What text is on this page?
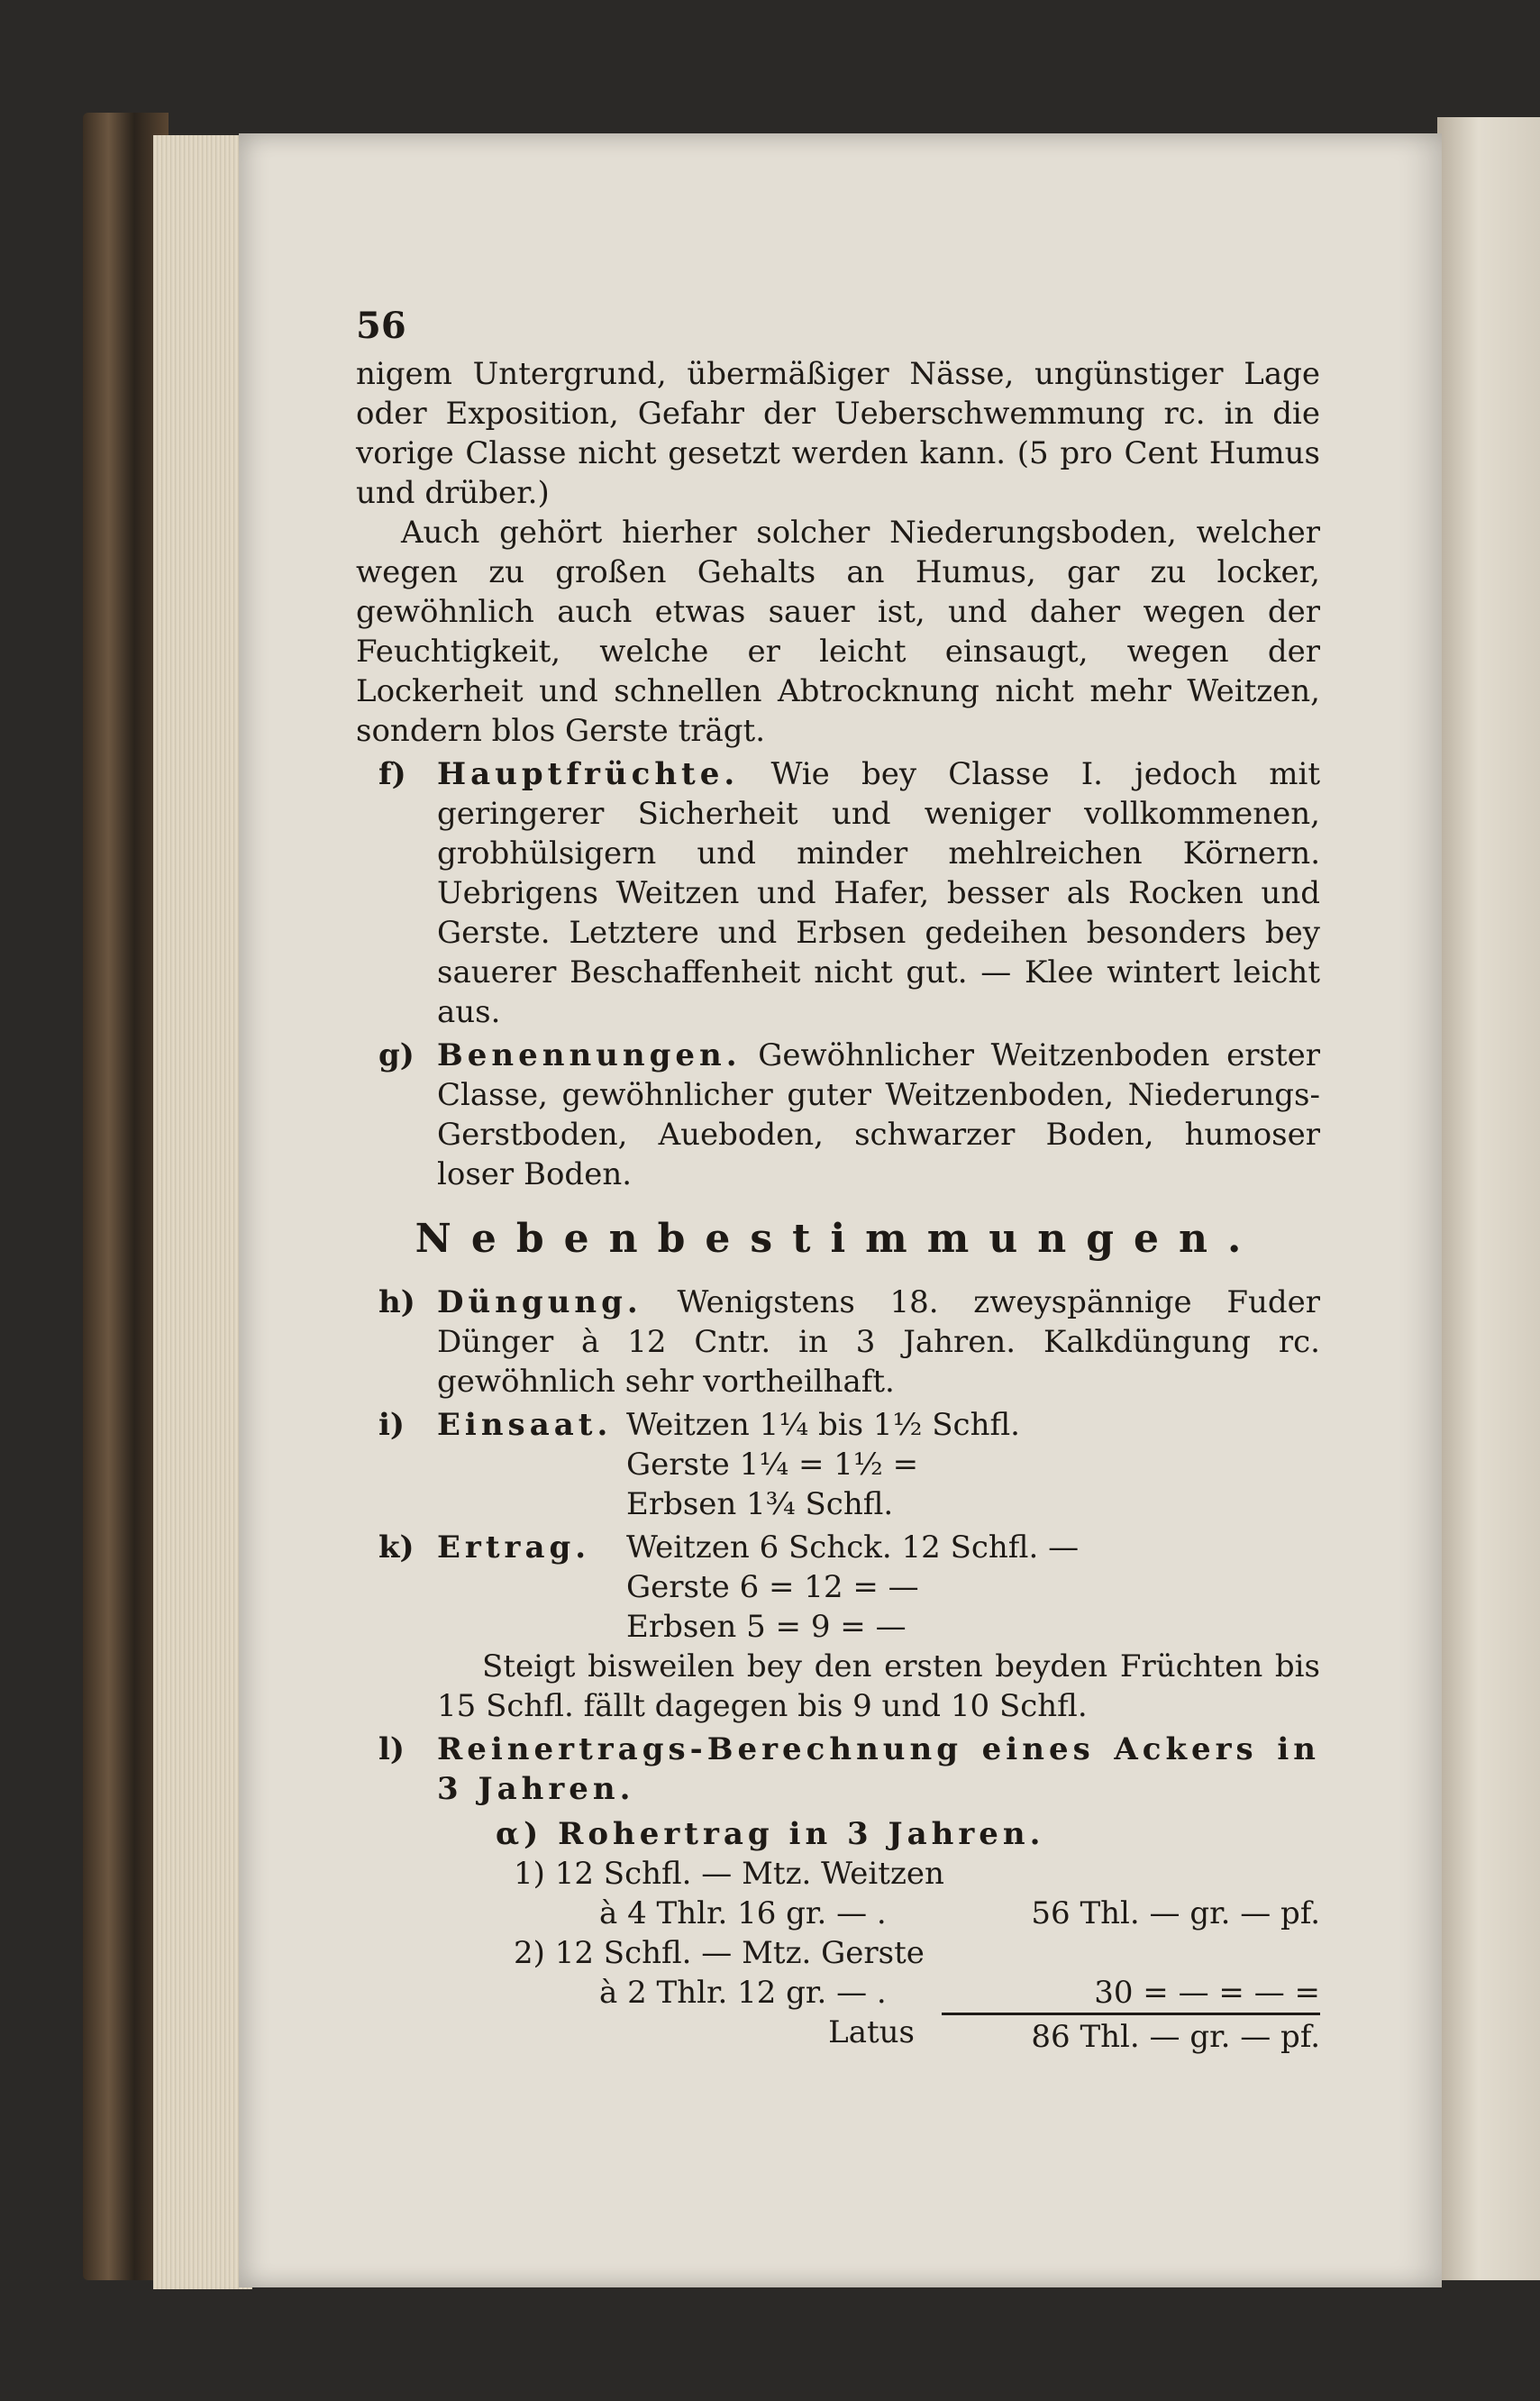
56

nigem Untergrund, übermäßiger Nässe, ungünstiger Lage oder Exposition, Gefahr der Ueberschwemmung rc. in die vorige Classe nicht gesetzt werden kann. (5 pro Cent Humus und drüber.)

Auch gehört hierher solcher Niederungsboden, welcher wegen zu großen Gehalts an Humus, gar zu locker, gewöhnlich auch etwas sauer ist, und daher wegen der Feuchtigkeit, welche er leicht einsaugt, wegen der Lockerheit und schnellen Abtrocknung nicht mehr Weitzen, sondern blos Gerste trägt.

f) Hauptfrüchte. Wie bey Classe I. jedoch mit geringerer Sicherheit und weniger vollkommenen, grobhülsigern und minder mehlreichen Körnern. Uebrigens Weitzen und Hafer, besser als Rocken und Gerste. Letztere und Erbsen gedeihen besonders bey sauerer Beschaffenheit nicht gut. — Klee wintert leicht aus.

g) Benennungen. Gewöhnlicher Weitzenboden erster Classe, gewöhnlicher guter Weitzenboden, Niederungs-Gerstboden, Aueboden, schwarzer Boden, humoser loser Boden.

Nebenbestimmungen.
h) Düngung. Wenigstens 18. zweyspännige Fuder Dünger à 12 Cntr. in 3 Jahren. Kalkdüngung rc. gewöhnlich sehr vortheilhaft.

i) Einsaat. Weitzen 1¼ bis 1½ Schfl.
Gerste 1¼ = 1½ =
Erbsen 1¾ Schfl.
k) Ertrag.	Weitzen 6 Schck. 12 Schfl. —
Gerste 6 = 12 = —
Erbsen 5 = 9 = —

Steigt bisweilen bey den ersten beyden Früchten bis 15 Schfl. fällt dagegen bis 9 und 10 Schfl.

l) Reinertrags-Berechnung eines Ackers in 3 Jahren.

α) Rohertrag in 3 Jahren.
1) 12 Schfl. — Mtz. Weitzen
à 4 Thlr. 16 gr. — .	56 Thl. — gr. — pf.
2) 12 Schfl. — Mtz. Gerste
à 2 Thlr. 12 gr. — .	30 = — = — =
Latus	86 Thl. — gr. — pf.
